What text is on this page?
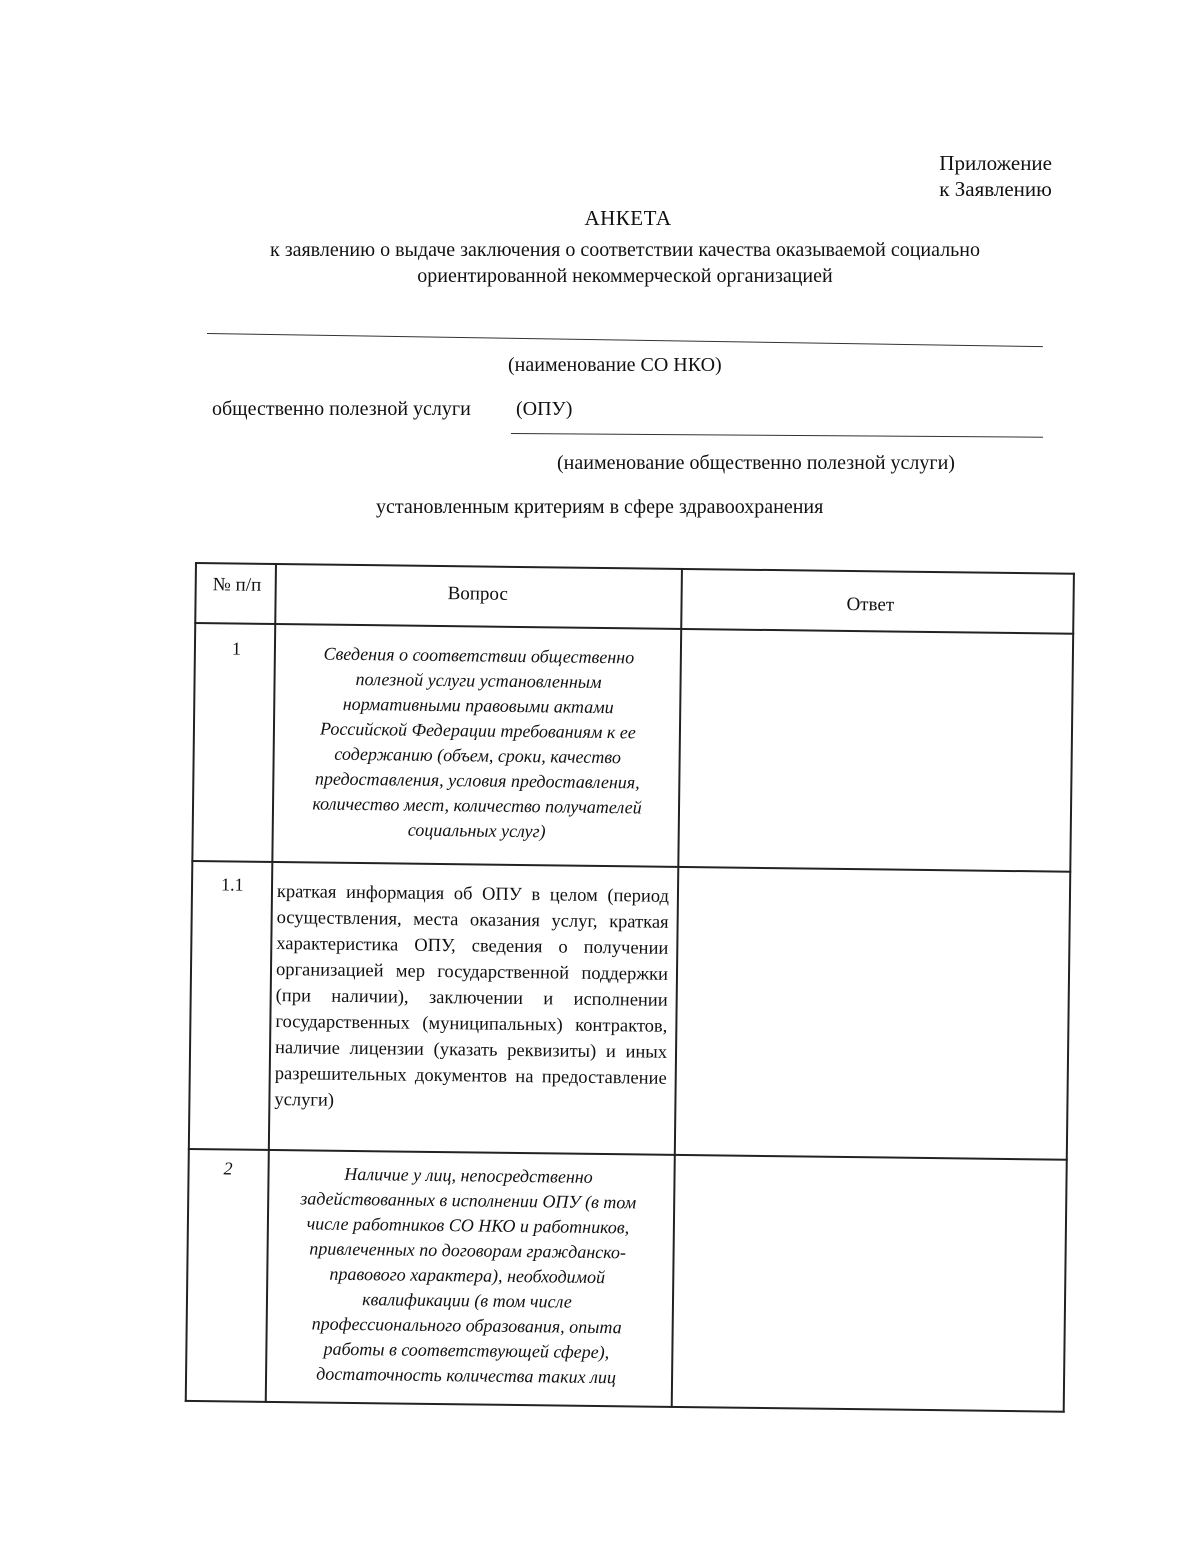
Приложение
к Заявлению
АНКЕТА
к заявлению о выдаче заключения о соответствии качества оказываемой социально
ориентированной некоммерческой организацией
(наименование СО НКО)
общественно полезной услуги (ОПУ)
(наименование общественно полезной услуги)
установленным критериям в сфере здравоохранения
№ п/п	Вопрос	Ответ
1	Сведения о соответствии общественно
полезной услуги установленным
нормативными правовыми актами
Российской Федерации требованиям к ее
содержанию (объем, сроки, качество
предоставления, условия предоставления,
количество мест, количество получателей
социальных услуг)
1.1 краткая информация об ОПУ в целом (период осуществления, места оказания услуг, краткая характеристика ОПУ, сведения о получении организацией мер государственной поддержки (при наличии), заключении и исполнении государственных (муниципальных) контрактов, наличие лицензии (указать реквизиты) и иных разрешительных документов на предоставление услуги)
2	Наличие у лиц, непосредственно
задействованных в исполнении ОПУ (в том
числе работников СО НКО и работников,
привлеченных по договорам гражданско-
правового характера), необходимой
квалификации (в том числе
профессионального образования, опыта
работы в соответствующей сфере),
достаточность количества таких лиц
